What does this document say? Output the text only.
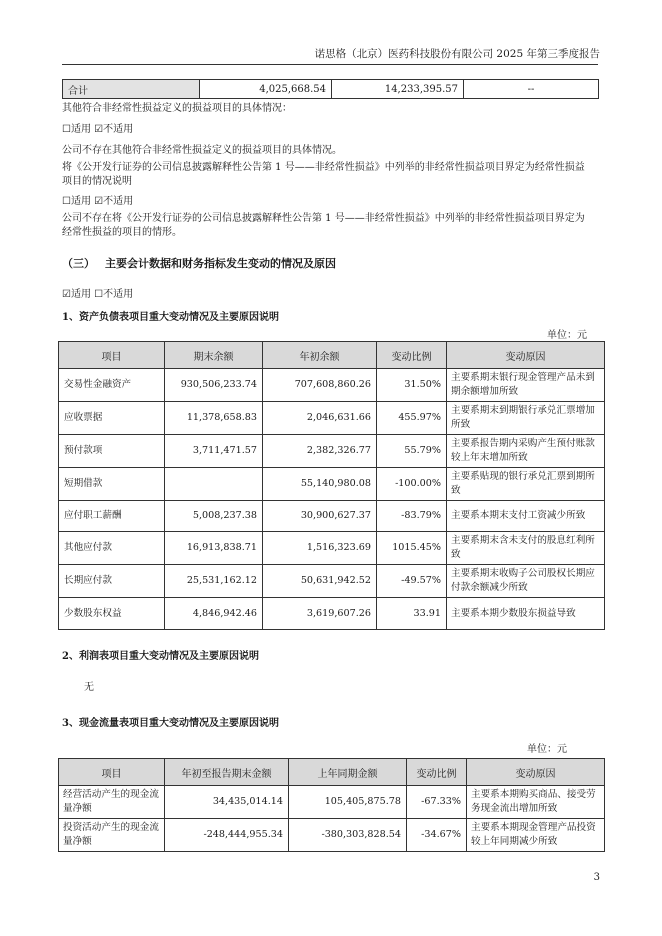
诺思格（北京）医药科技股份有限公司 2025 年第三季度报告
合计	4,025,668.54	14,233,395.57	--
其他符合非经常性损益定义的损益项目的具体情况：
☐适用 ☑不适用
公司不存在其他符合非经常性损益定义的损益项目的具体情况。
将《公开发行证券的公司信息披露解释性公告第 1 号——非经常性损益》中列举的非经常性损益项目界定为经常性损益
项目的情况说明
☐适用 ☑不适用
公司不存在将《公开发行证券的公司信息披露解释性公告第 1 号——非经常性损益》中列举的非经常性损益项目界定为
经常性损益的项目的情形。
（三） 主要会计数据和财务指标发生变动的情况及原因
☑适用 ☐不适用
1、资产负债表项目重大变动情况及主要原因说明
单位：元
项目	期末余额	年初余额	变动比例	变动原因
交易性金融资产	930,506,233.74	707,608,860.26	31.50%	主要系期末银行现金管理产品未到期余额增加所致
应收票据	11,378,658.83	2,046,631.66	455.97%	主要系期末到期银行承兑汇票增加所致
预付款项	3,711,471.57	2,382,326.77	55.79%	主要系报告期内采购产生预付账款较上年末增加所致
短期借款		55,140,980.08	-100.00%	主要系贴现的银行承兑汇票到期所致
应付职工薪酬	5,008,237.38	30,900,627.37	-83.79%	主要系本期末支付工资减少所致
其他应付款	16,913,838.71	1,516,323.69	1015.45%	主要系期末含未支付的股息红利所致
长期应付款	25,531,162.12	50,631,942.52	-49.57%	主要系期末收购子公司股权长期应付款余额减少所致
少数股东权益	4,846,942.46	3,619,607.26	33.91	主要系本期少数股东损益导致
2、利润表项目重大变动情况及主要原因说明
无
3、现金流量表项目重大变动情况及主要原因说明
单位：元
项目	年初至报告期末金额	上年同期金额	变动比例	变动原因
经营活动产生的现金流量净额	34,435,014.14	105,405,875.78	-67.33%	主要系本期购买商品、接受劳务现金流出增加所致
投资活动产生的现金流量净额	-248,444,955.34	-380,303,828.54	-34.67%	主要系本期现金管理产品投资较上年同期减少所致
3
